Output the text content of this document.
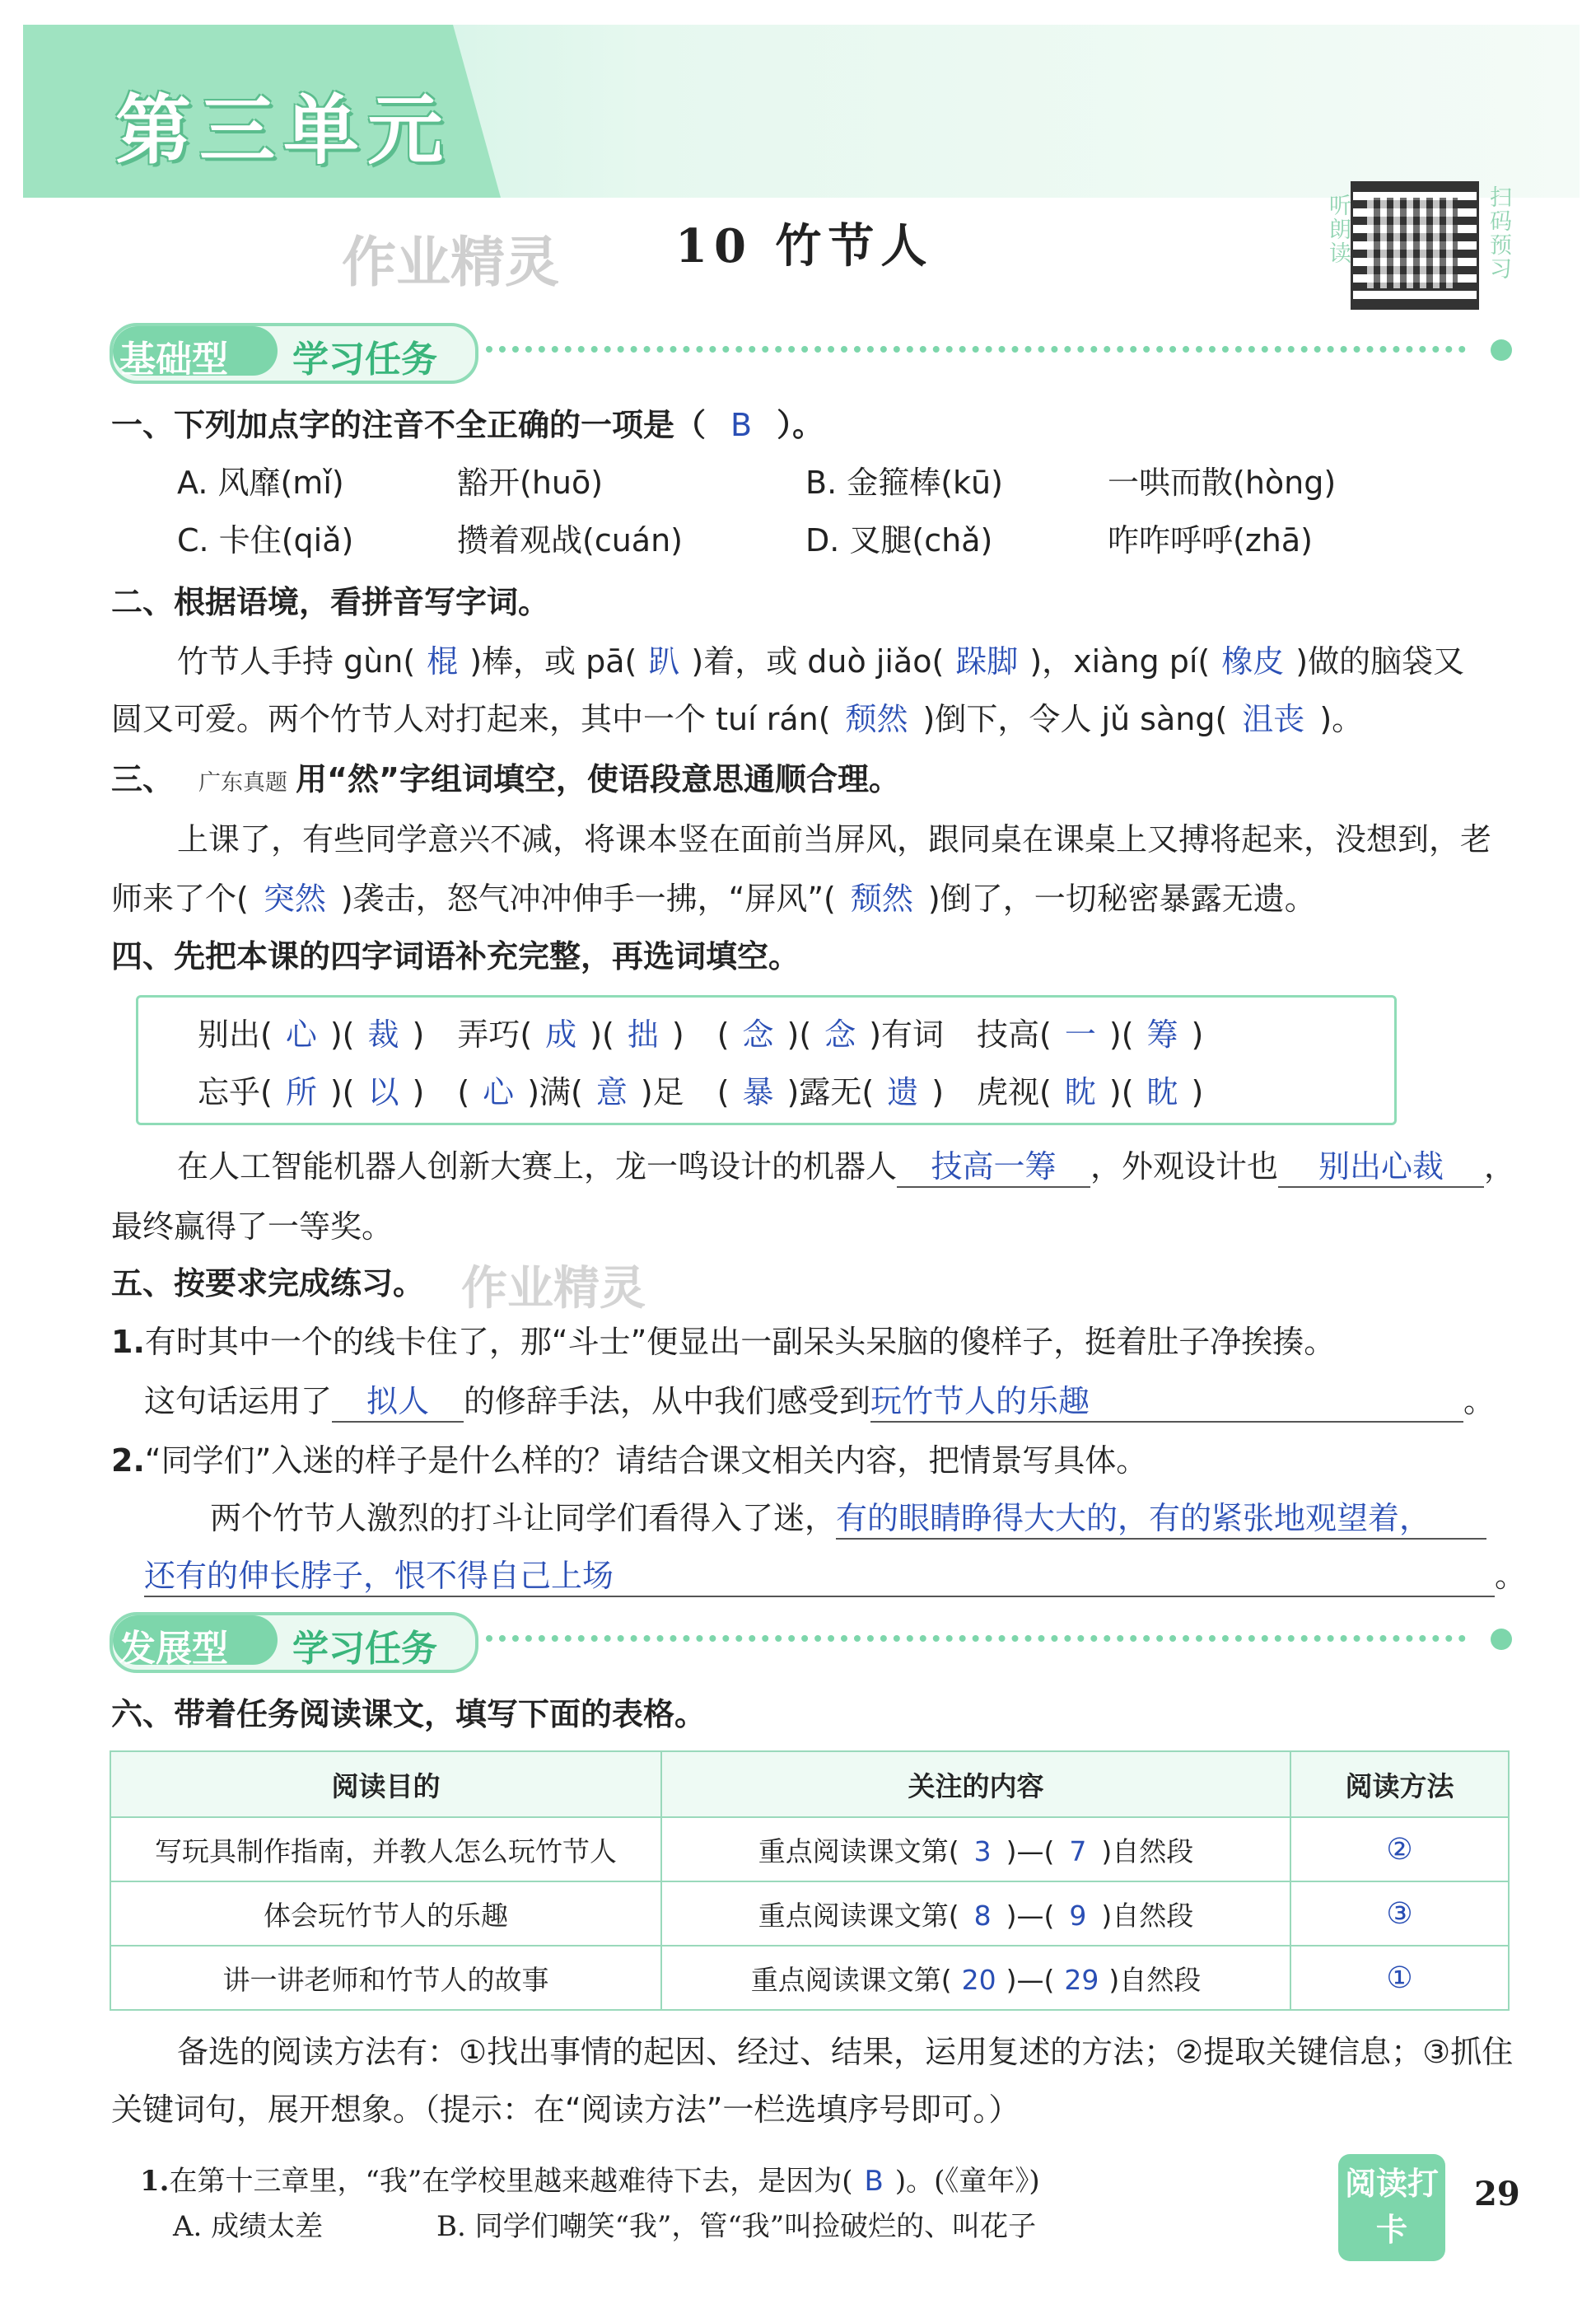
第三单元
作业精灵	10 竹节人	听朗读	扫码预习
基础型 学习任务
一、下列加点字的注音不全正确的一项是（ B ）。
A. 风靡(mǐ)	豁开(huō)	B. 金箍棒(kū)	一哄而散(hòng)
C. 卡住(qiǎ)	攒着观战(cuán)	D. 叉腿(chǎ)	咋咋呼呼(zhā)
二、根据语境，看拼音写字词。
竹节人手持 gùn( 棍 )棒，或 pā( 趴 )着，或 duò jiǎo( 跺脚 )，xiàng pí( 橡皮 )做的脑袋又
圆又可爱。两个竹节人对打起来，其中一个 tuí rán( 颓然 )倒下，令人 jǔ sàng( 沮丧 )。
三、 广东真题 用“然”字组词填空，使语段意思通顺合理。
上课了，有些同学意兴不减，将课本竖在面前当屏风，跟同桌在课桌上又搏将起来，没想到，老
师来了个( 突然 )袭击，怒气冲冲伸手一拂，“屏风”( 颓然 )倒了，一切秘密暴露无遗。
四、先把本课的四字词语补充完整，再选词填空。
别出( 心 )( 裁 ) 弄巧( 成 )( 拙 ) ( 念 )( 念 )有词 技高( 一 )( 筹 )
忘乎( 所 )( 以 ) ( 心 )满( 意 )足 ( 暴 )露无( 遗 ) 虎视( 眈 )( 眈 )
在人工智能机器人创新大赛上，龙一鸣设计的机器人 技高一筹 ，外观设计也 别出心裁 ，
最终赢得了一等奖。
五、按要求完成练习。 作业精灵
1.有时其中一个的线卡住了，那“斗士”便显出一副呆头呆脑的傻样子，挺着肚子净挨揍。
这句话运用了 拟人 的修辞手法，从中我们感受到玩竹节人的乐趣	。
2.“同学们”入迷的样子是什么样的？请结合课文相关内容，把情景写具体。
两个竹节人激烈的打斗让同学们看得入了迷，有的眼睛睁得大大的，有的紧张地观望着，
还有的伸长脖子，恨不得自己上场	。
发展型 学习任务
六、带着任务阅读课文，填写下面的表格。
阅读目的	关注的内容	阅读方法
写玩具制作指南，并教人怎么玩竹节人	重点阅读课文第( 3 )—( 7 )自然段	②
体会玩竹节人的乐趣	重点阅读课文第( 8 )—( 9 )自然段	③
讲一讲老师和竹节人的故事	重点阅读课文第( 20 )—( 29 )自然段	①
备选的阅读方法有：①找出事情的起因、经过、结果，运用复述的方法；②提取关键信息；③抓住
关键词句，展开想象。（提示：在“阅读方法”一栏选填序号即可。）
1.在第十三章里，“我”在学校里越来越难待下去，是因为( B )。(《童年》)
A. 成绩太差	B. 同学们嘲笑“我”，管“我”叫捡破烂的、叫花子
阅读打卡
29
